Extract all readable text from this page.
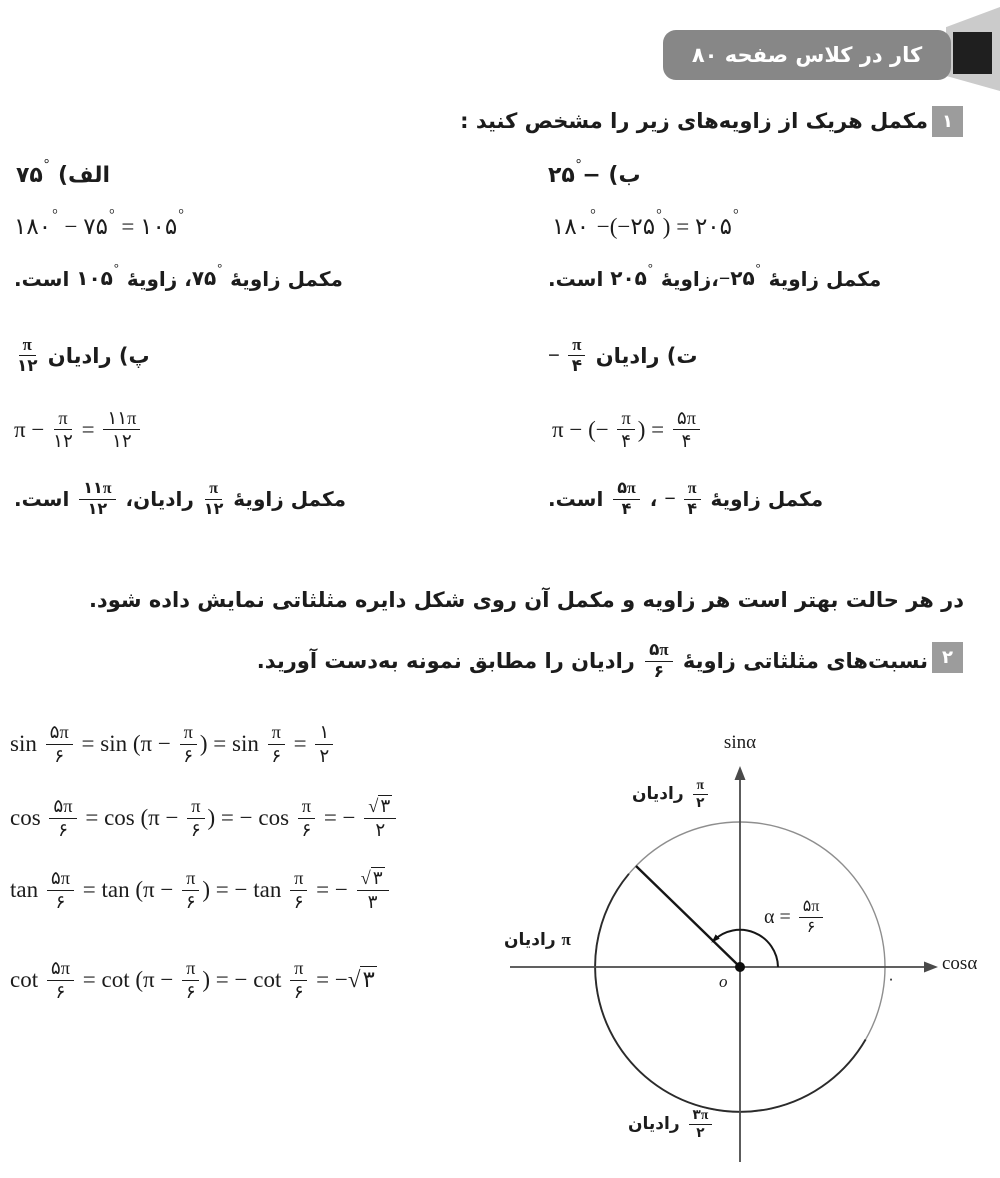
کار در کلاس صفحه ۸۰
۱
مکمل هریک از زاویه‌های زیر را مشخص کنید :
۷۵° (الف
۱۸۰° − ۷۵° = ۱۰۵°
مکمل زاویهٔ
۷۵°
، زاویهٔ
۱۰۵°
است.
۲۵° − (ب
۱۸۰° −(− ۲۵° ) = ۲۰۵°
مکمل زاویهٔ
−۲۵°
،زاویهٔ
۲۰۵°
است.
پ) رادیان
π
۱۲
π − π
۱۲ = ۱۱π
۱۲
مکمل زاویهٔ
π
۱۲
رادیان،
۱۱π
۱۲
است.
ت) رادیان
− π
۴
π − (− π
۴ ) = ۵π
۴
مکمل زاویهٔ
− π
۴
،
۵π
۴
است.
در هر حالت بهتر است هر زاویه و مکمل آن روی شکل دایره مثلثاتی نمایش داده شود.
۲
نسبت‌های مثلثاتی زاویهٔ
۵π
۶
رادیان را مطابق نمونه به‌دست آورید.
sin ۵π
۶ = sin (π − π
۶ ) = sin π
۶ = ۱
۲
cos ۵π
۶ = cos (π − π
۶ ) = − cos π
۶ = − √ ۳
۲
tan ۵π
۶ = tan (π − π
۶ ) = − tan π
۶ = − √ ۳
۳
cot ۵π
۶ = cot (π − π
۶ ) = − cot π
۶ = − √۳
sinα
cosα
π
۲
رادیان
π
رادیان
۳π
۲
رادیان
α = ۵π
۶
o	۰
